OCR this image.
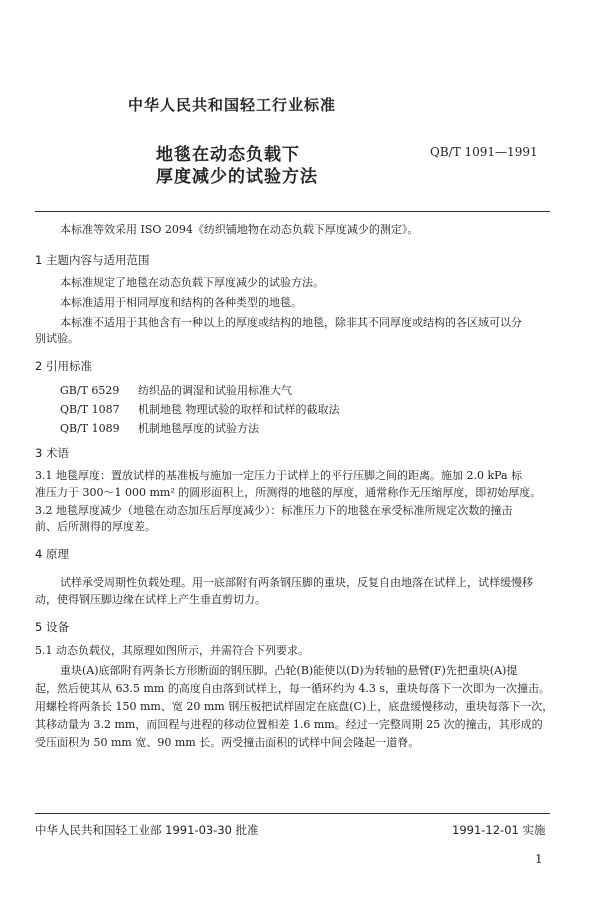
中华人民共和国轻工行业标准
地毯在动态负载下
厚度减少的试验方法
QB/T 1091—1991
本标准等效采用 ISO 2094《纺织铺地物在动态负载下厚度减少的测定》。
1 主题内容与适用范围
本标准规定了地毯在动态负载下厚度减少的试验方法。
本标准适用于相同厚度和结构的各种类型的地毯。
本标准不适用于其他含有一种以上的厚度或结构的地毯，除非其不同厚度或结构的各区域可以分
别试验。
2 引用标准
GB/T 6529 纺织品的调湿和试验用标准大气
QB/T 1087 机制地毯 物理试验的取样和试样的截取法
QB/T 1089 机制地毯厚度的试验方法
3 术语
3.1 地毯厚度：置放试样的基准板与施加一定压力于试样上的平行压脚之间的距离。施加 2.0 kPa 标
准压力于 300～1 000 mm² 的圆形面积上，所测得的地毯的厚度，通常称作无压缩厚度，即初始厚度。
3.2 地毯厚度减少（地毯在动态加压后厚度减少）：标准压力下的地毯在承受标准所规定次数的撞击
前、后所测得的厚度差。
4 原理
试样承受周期性负载处理。用一底部附有两条钢压脚的重块，反复自由地落在试样上，试样缓慢移
动，使得钢压脚边缘在试样上产生垂直剪切力。
5 设备
5.1 动态负载仪，其原理如图所示，并需符合下列要求。
重块(A)底部附有两条长方形断面的钢压脚。凸轮(B)能使以(D)为转轴的悬臂(F)先把重块(A)提
起，然后使其从 63.5 mm 的高度自由落到试样上，每一循环约为 4.3 s，重块每落下一次即为一次撞击。
用螺栓将两条长 150 mm、宽 20 mm 钢压板把试样固定在底盘(C)上，底盘缓慢移动，重块每落下一次，
其移动量为 3.2 mm，而回程与进程的移动位置相差 1.6 mm。经过一完整周期 25 次的撞击，其形成的
受压面积为 50 mm 宽、90 mm 长。两受撞击面积的试样中间会隆起一道脊。
中华人民共和国轻工业部 1991-03-30 批准	1991-12-01 实施
1
